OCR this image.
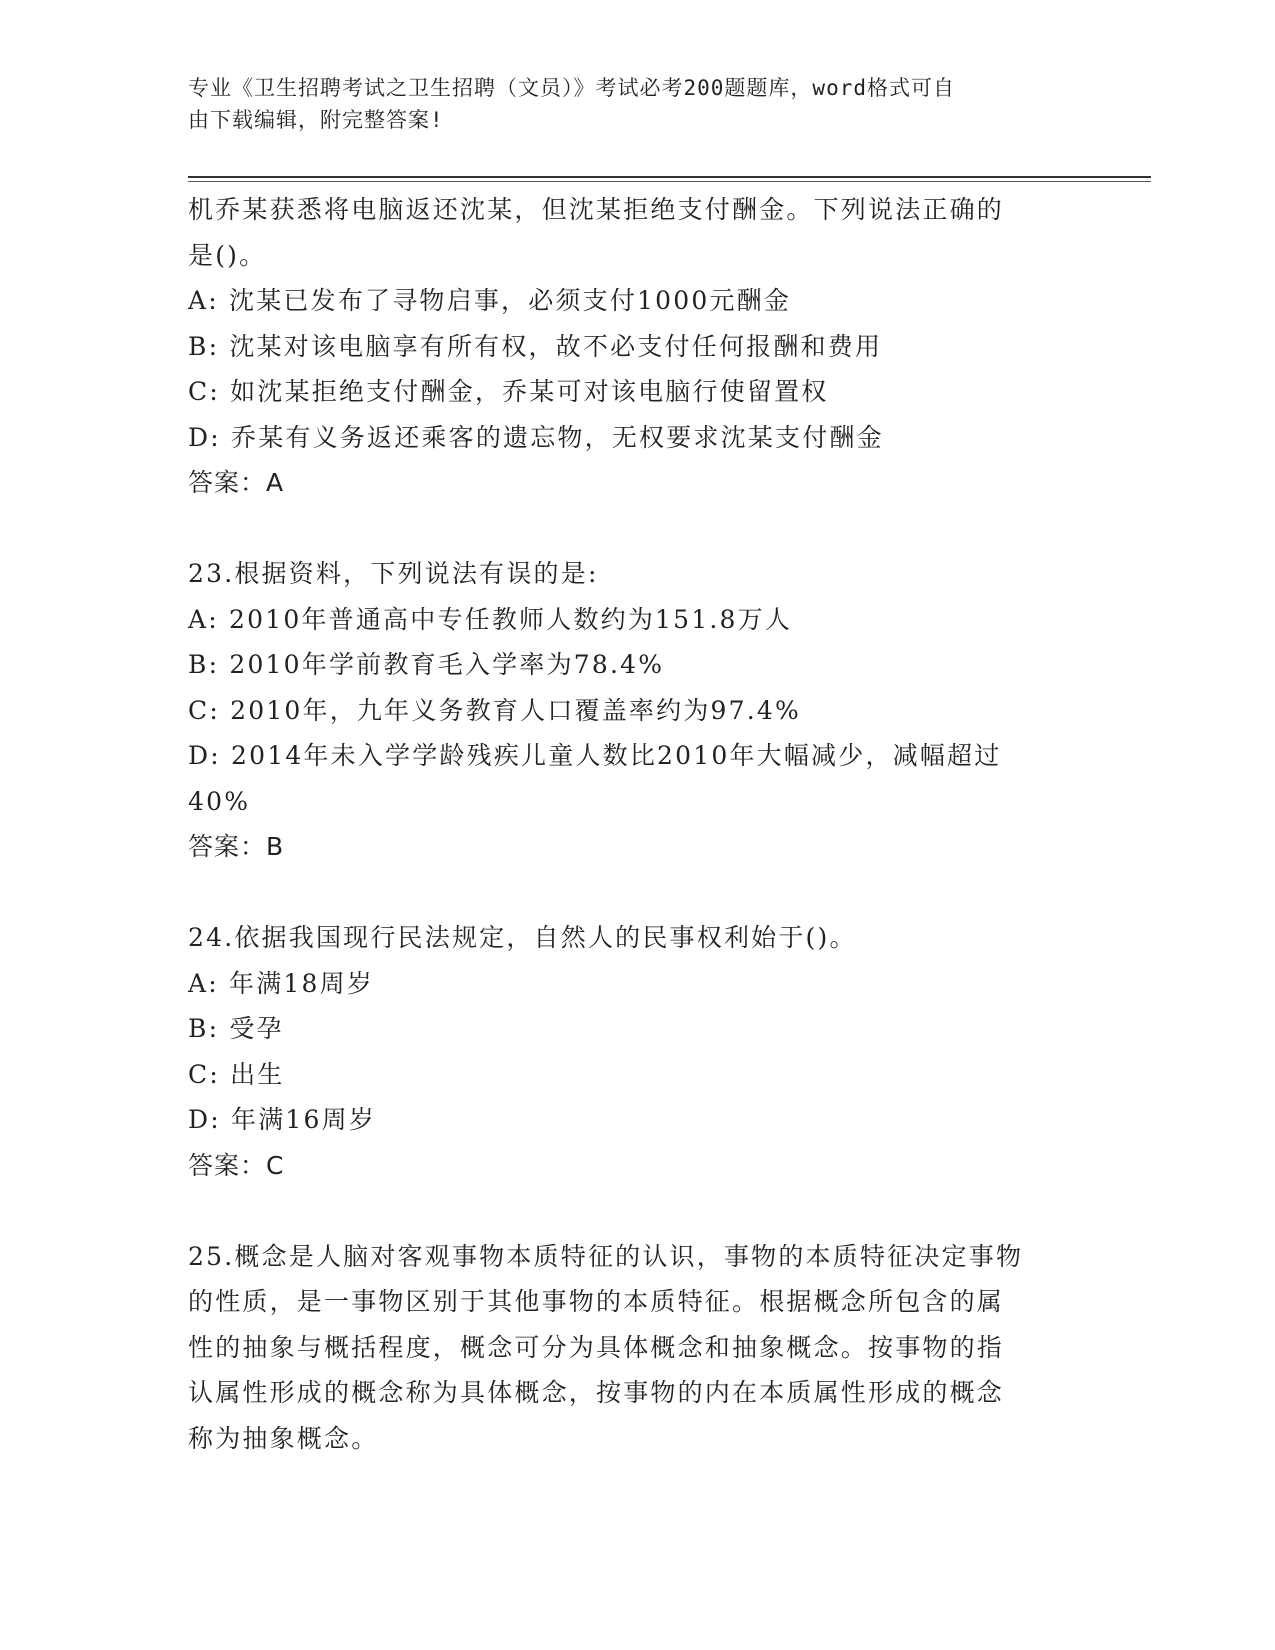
专业《卫生招聘考试之卫生招聘（文员）》考试必考200题题库，word格式可自
由下载编辑，附完整答案!

机乔某获悉将电脑返还沈某，但沈某拒绝支付酬金。下列说法正确的

是()。

A: 沈某已发布了寻物启事，必须支付1000元酬金

B: 沈某对该电脑享有所有权，故不必支付任何报酬和费用

C: 如沈某拒绝支付酬金，乔某可对该电脑行使留置权

D: 乔某有义务返还乘客的遗忘物，无权要求沈某支付酬金

答案：A

23.根据资料，下列说法有误的是:

A: 2010年普通高中专任教师人数约为151.8万人

B: 2010年学前教育毛入学率为78.4%

C: 2010年，九年义务教育人口覆盖率约为97.4%

D: 2014年未入学学龄残疾儿童人数比2010年大幅减少，减幅超过

40%

答案：B

24.依据我国现行民法规定，自然人的民事权利始于()。

A: 年满18周岁

B: 受孕

C: 出生

D: 年满16周岁

答案：C

25.概念是人脑对客观事物本质特征的认识，事物的本质特征决定事物

的性质，是一事物区别于其他事物的本质特征。根据概念所包含的属

性的抽象与概括程度，概念可分为具体概念和抽象概念。按事物的指

认属性形成的概念称为具体概念，按事物的内在本质属性形成的概念

称为抽象概念。
